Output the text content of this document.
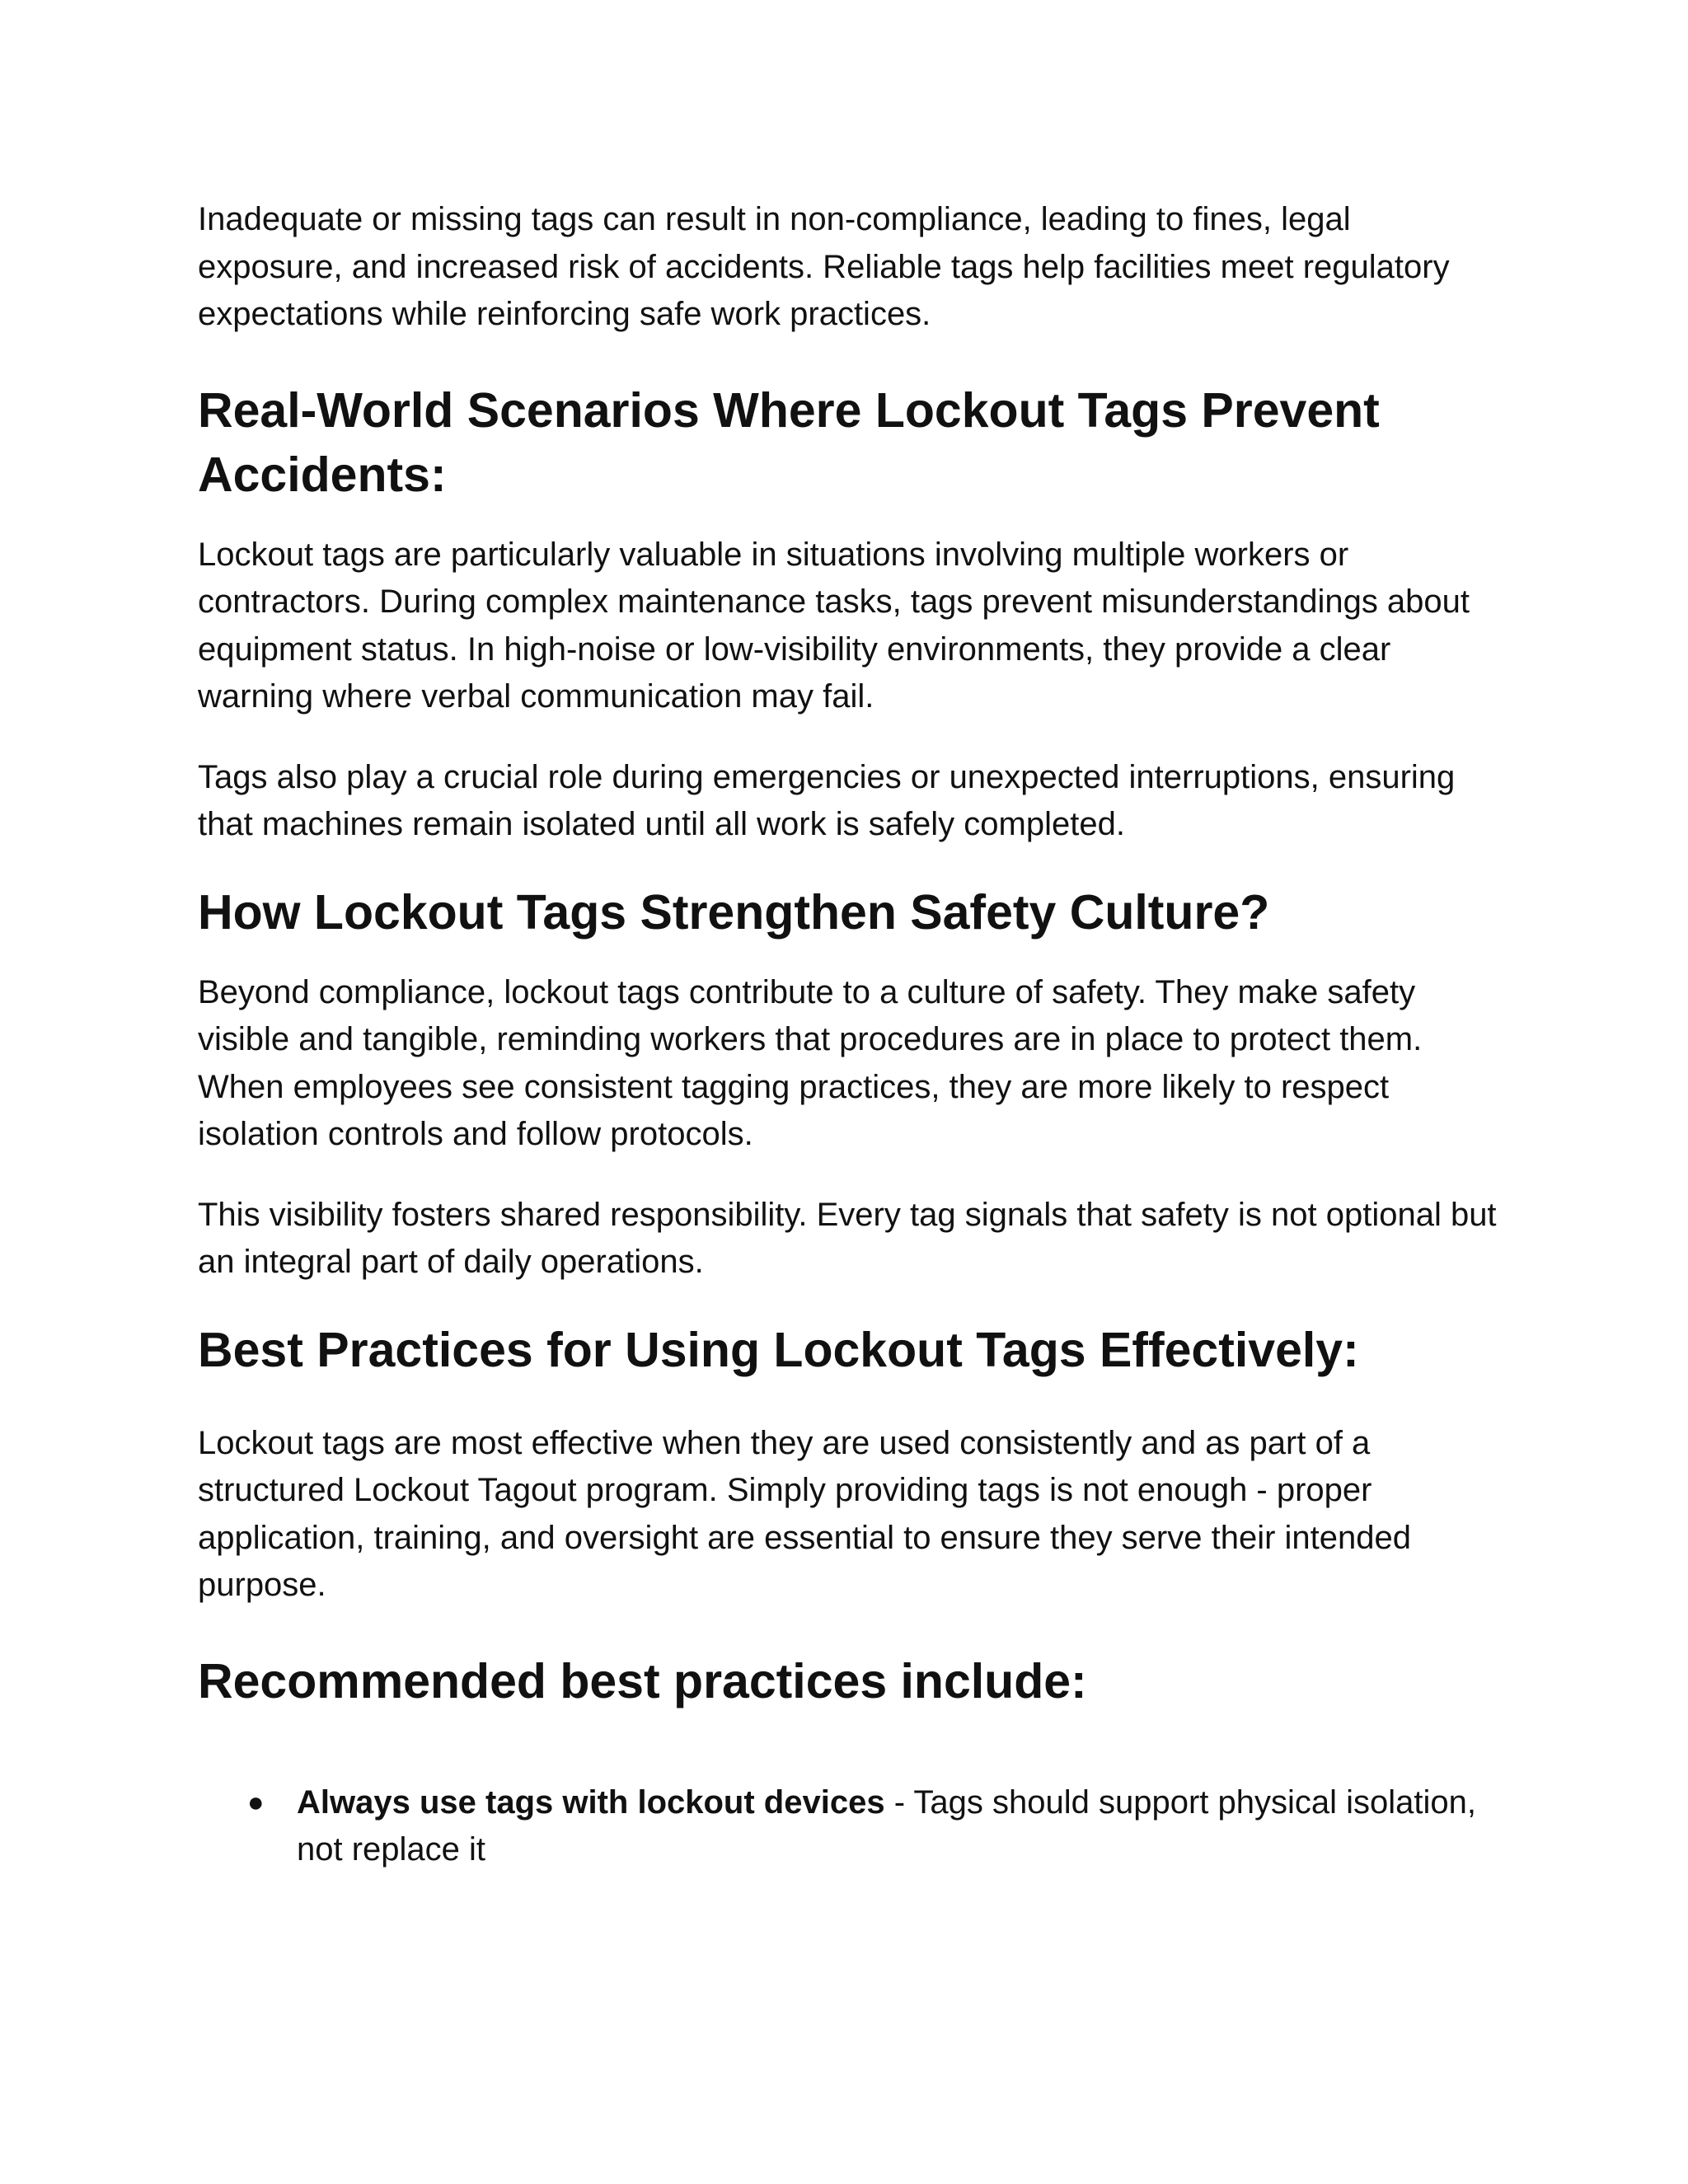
Inadequate or missing tags can result in non-compliance, leading to fines, legal exposure, and increased risk of accidents. Reliable tags help facilities meet regulatory expectations while reinforcing safe work practices.

Real-World Scenarios Where Lockout Tags Prevent Accidents:

Lockout tags are particularly valuable in situations involving multiple workers or contractors. During complex maintenance tasks, tags prevent misunderstandings about equipment status. In high-noise or low-visibility environments, they provide a clear warning where verbal communication may fail.

Tags also play a crucial role during emergencies or unexpected interruptions, ensuring that machines remain isolated until all work is safely completed.

How Lockout Tags Strengthen Safety Culture?

Beyond compliance, lockout tags contribute to a culture of safety. They make safety visible and tangible, reminding workers that procedures are in place to protect them. When employees see consistent tagging practices, they are more likely to respect isolation controls and follow protocols.

This visibility fosters shared responsibility. Every tag signals that safety is not optional but an integral part of daily operations.

Best Practices for Using Lockout Tags Effectively:

Lockout tags are most effective when they are used consistently and as part of a structured Lockout Tagout program. Simply providing tags is not enough - proper application, training, and oversight are essential to ensure they serve their intended purpose.

Recommended best practices include:
● Always use tags with lockout devices - Tags should support physical isolation, not replace it
